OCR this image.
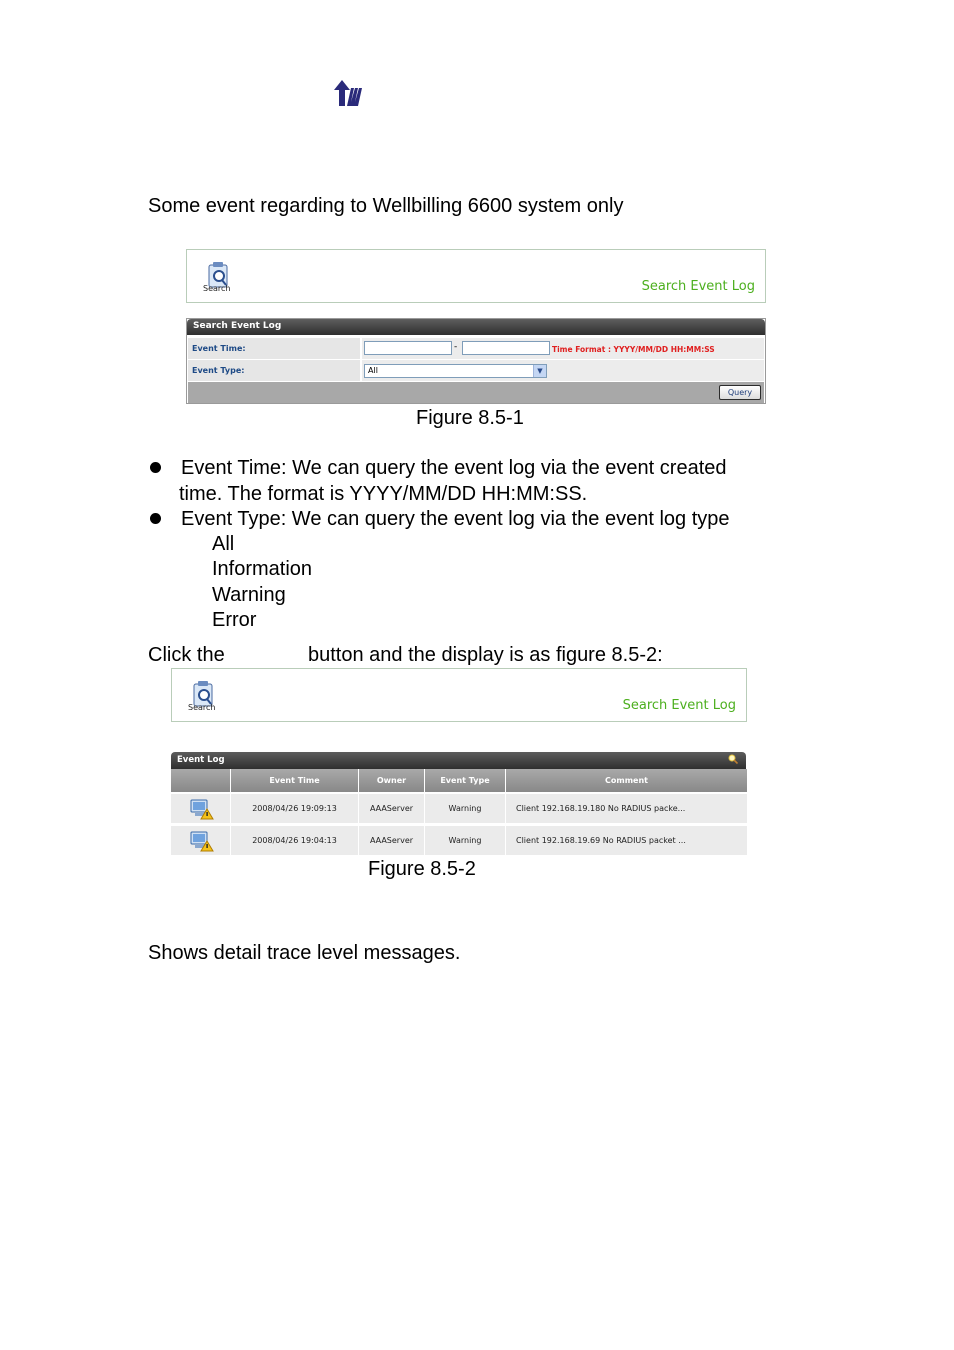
Some event regarding to Wellbilling 6600 system only
Search	Search Event Log
Search Event Log
Event Time:	-	Time Format : YYYY/MM/DD HH:MM:SS
Event Type:	All	▼
Query
Figure 8.5-1
Event Time: We can query the event log via the event created
time. The format is YYYY/MM/DD HH:MM:SS.
Event Type: We can query the event log via the event log type
All
Information
Warning
Error
Click the	button and the display is as figure 8.5-2:
Search	Search Event Log
Event Log
Event Time	Owner	Event Type	Comment
2008/04/26 19:09:13	AAAServer	Warning	Client 192.168.19.180 No RADIUS packe...
2008/04/26 19:04:13	AAAServer	Warning	Client 192.168.19.69 No RADIUS packet ...
Figure 8.5-2
Shows detail trace level messages.
